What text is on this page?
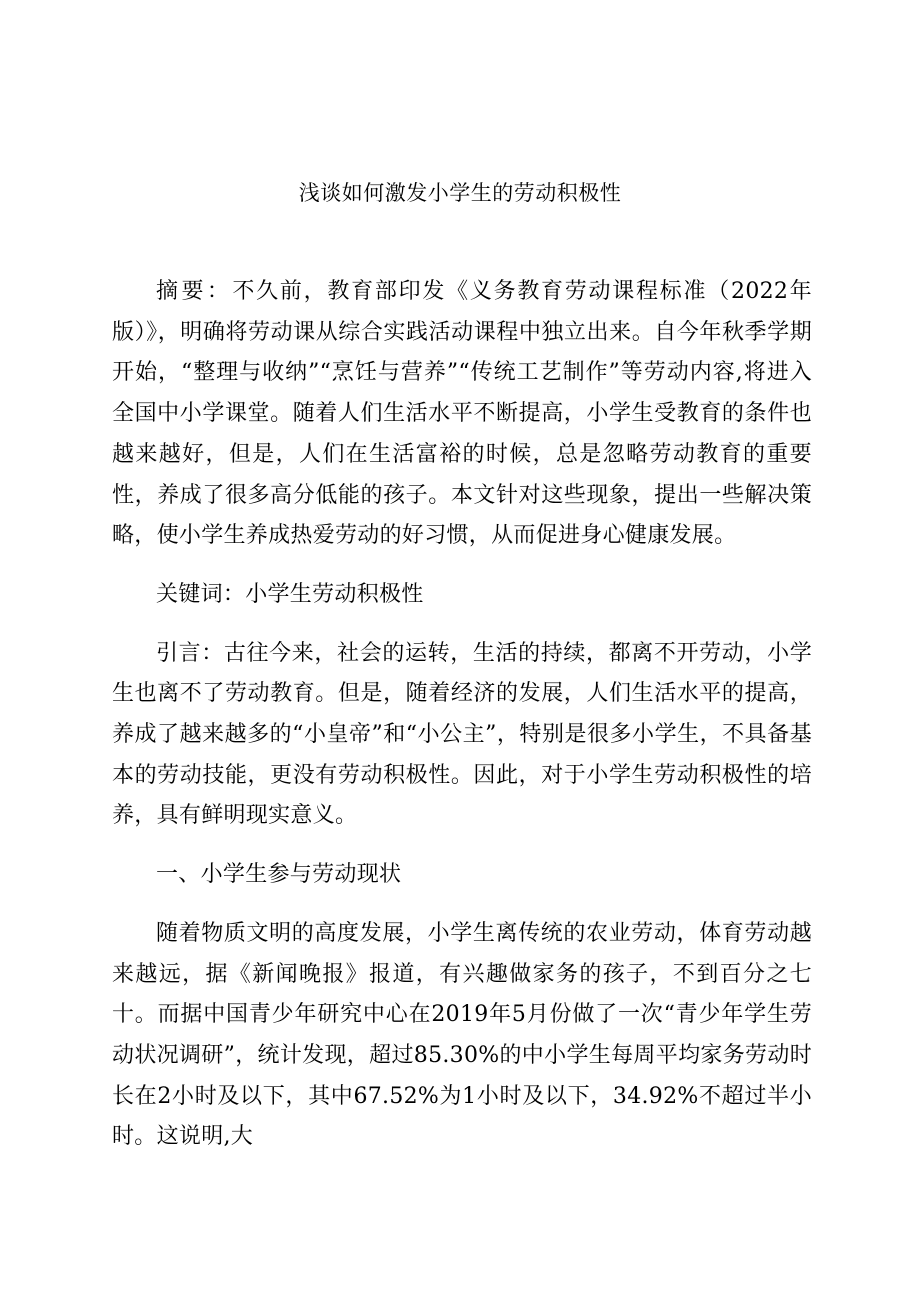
浅谈如何激发小学生的劳动积极性

摘要：不久前，教育部印发《义务教育劳动课程标准（2022年版）》，明确将劳动课从综合实践活动课程中独立出来。自今年秋季学期开始，“整理与收纳”“烹饪与营养”“传统工艺制作”等劳动内容,将进入全国中小学课堂。随着人们生活水平不断提高，小学生受教育的条件也越来越好，但是，人们在生活富裕的时候，总是忽略劳动教育的重要性，养成了很多高分低能的孩子。本文针对这些现象，提出一些解决策略，使小学生养成热爱劳动的好习惯，从而促进身心健康发展。

关键词：小学生劳动积极性

引言：古往今来，社会的运转，生活的持续，都离不开劳动，小学生也离不了劳动教育。但是，随着经济的发展，人们生活水平的提高，养成了越来越多的“小皇帝”和“小公主”，特别是很多小学生，不具备基本的劳动技能，更没有劳动积极性。因此，对于小学生劳动积极性的培养，具有鲜明现实意义。

一、小学生参与劳动现状

随着物质文明的高度发展，小学生离传统的农业劳动，体育劳动越来越远，据《新闻晚报》报道，有兴趣做家务的孩子，不到百分之七十。而据中国青少年研究中心在2019年5月份做了一次“青少年学生劳动状况调研”，统计发现，超过85.30%的中小学生每周平均家务劳动时长在2小时及以下，其中67.52%为1小时及以下，34.92%不超过半小时。这说明,大
